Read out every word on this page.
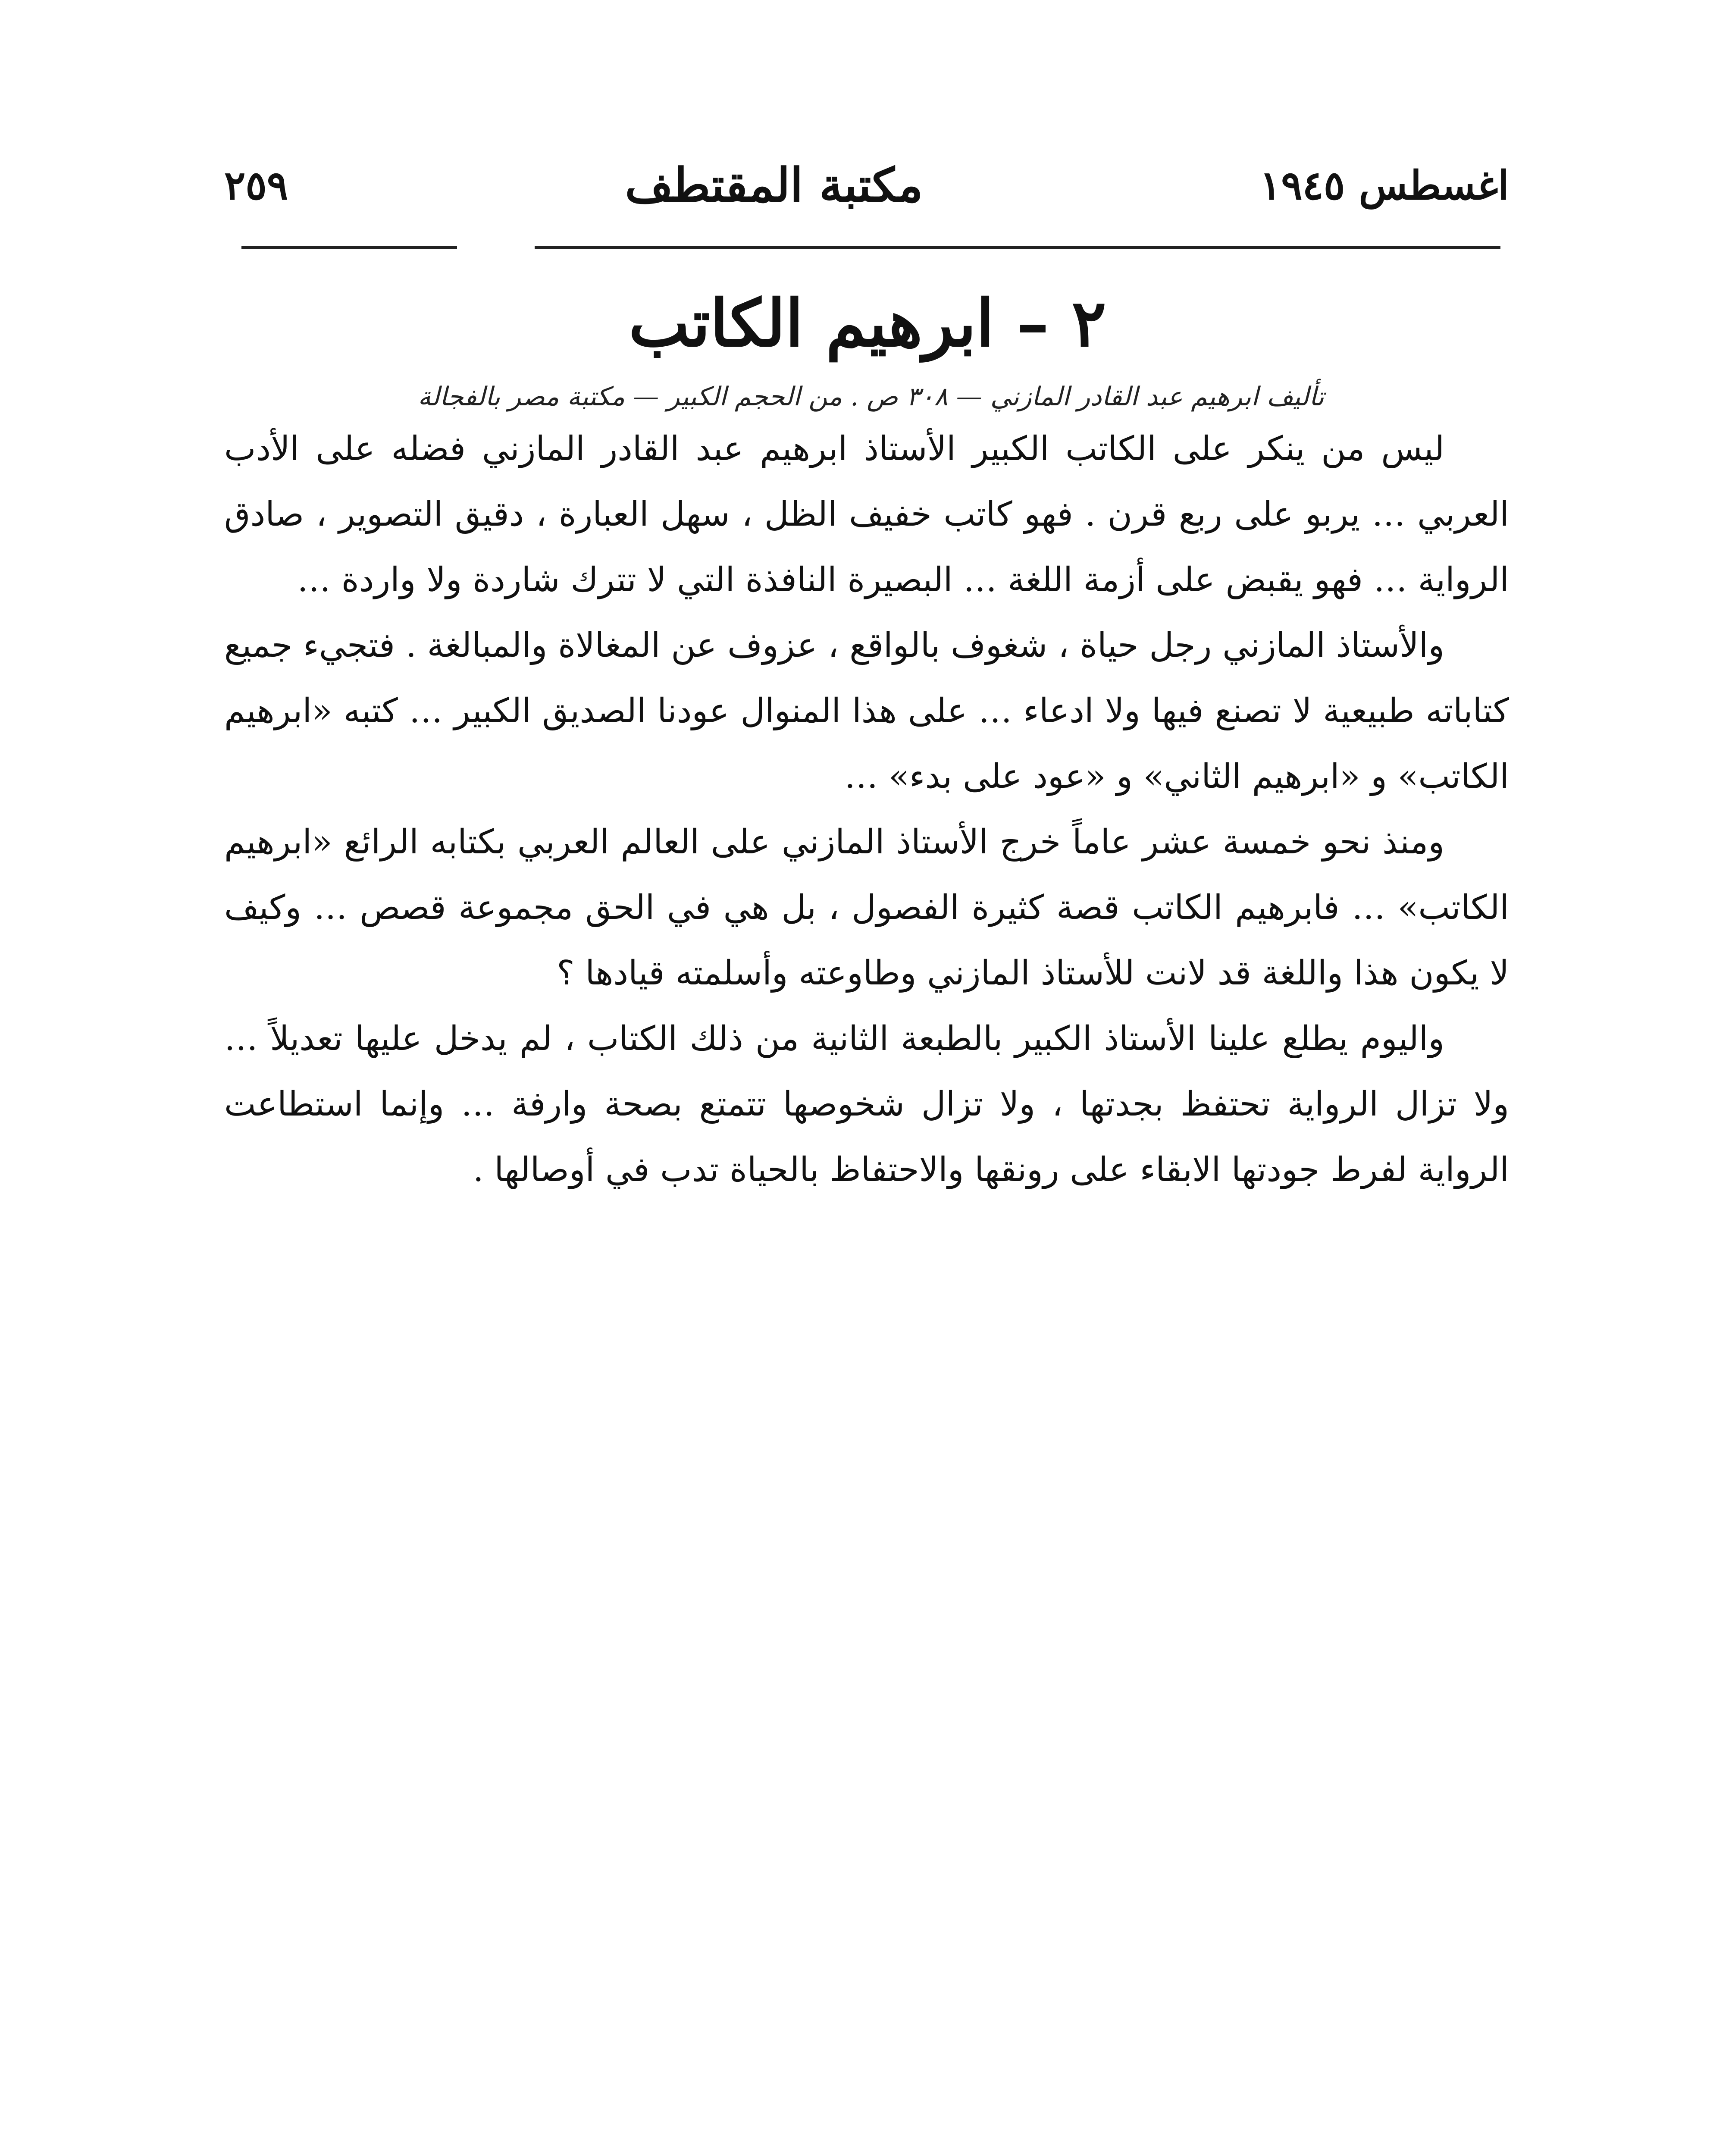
اغسطس ١٩٤٥
مكتبة المقتطف
٢٥٩
٢ – ابرهيم الكاتب
تأليف ابرهيم عبد القادر المازني — ٣٠٨ ص . من الحجم الكبير — مكتبة مصر بالفجالة

ليس من ينكر على الكاتب الكبير الأستاذ ابرهيم عبد القادر المازني فضله على الأدب العربي … يربو على ربع قرن . فهو كاتب خفيف الظل ، سهل العبارة ، دقيق التصوير ، صادق الرواية … فهو يقبض على أزمة اللغة … البصيرة النافذة التي لا تترك شاردة ولا واردة …

والأستاذ المازني رجل حياة ، شغوف بالواقع ، عزوف عن المغالاة والمبالغة . فتجيء جميع كتاباته طبيعية لا تصنع فيها ولا ادعاء … على هذا المنوال عودنا الصديق الكبير … كتبه «ابرهيم الكاتب» و «ابرهيم الثاني» و «عود على بدء» …

ومنذ نحو خمسة عشر عاماً خرج الأستاذ المازني على العالم العربي بكتابه الرائع «ابرهيم الكاتب» … فابرهيم الكاتب قصة كثيرة الفصول ، بل هي في الحق مجموعة قصص … وكيف لا يكون هذا واللغة قد لانت للأستاذ المازني وطاوعته وأسلمته قيادها ؟

واليوم يطلع علينا الأستاذ الكبير بالطبعة الثانية من ذلك الكتاب ، لم يدخل عليها تعديلاً … ولا تزال الرواية تحتفظ بجدتها ، ولا تزال شخوصها تتمتع بصحة وارفة … وإنما استطاعت الرواية لفرط جودتها الابقاء على رونقها والاحتفاظ بالحياة تدب في أوصالها .
